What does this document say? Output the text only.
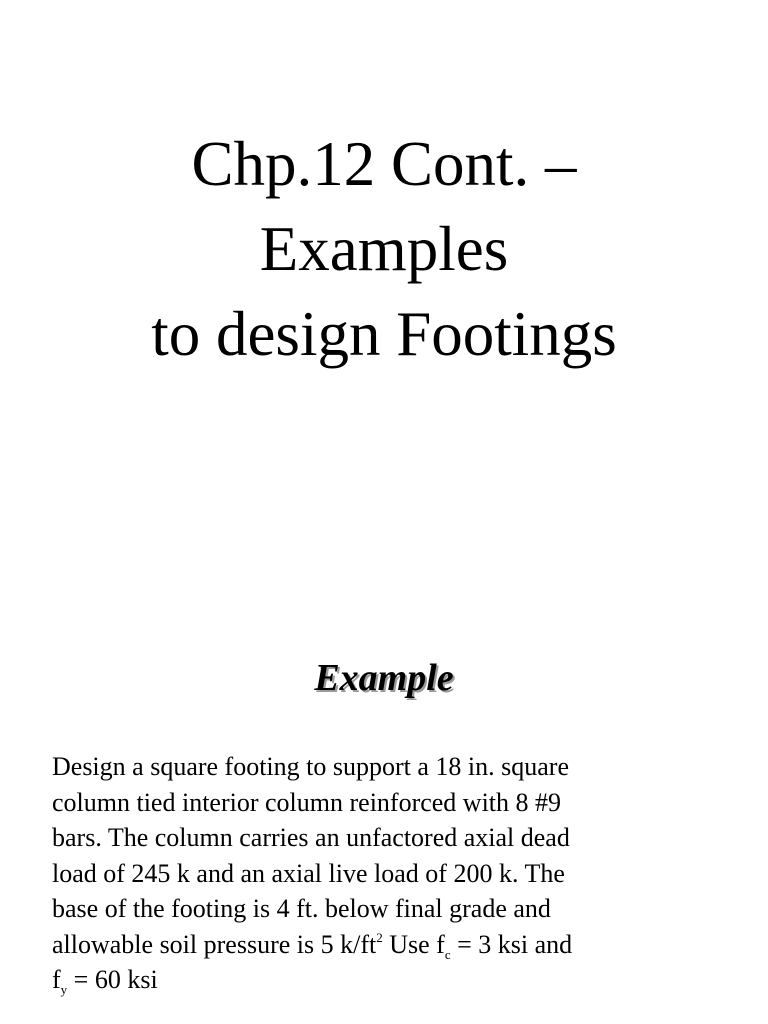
Chp.12 Cont. –
Examples
to design Footings
Example
Design a square footing to support a 18 in. square
column tied interior column reinforced with 8 #9
bars. The column carries an unfactored axial dead
load of 245 k and an axial live load of 200 k. The
base of the footing is 4 ft. below final grade and
allowable soil pressure is 5 $k/ft^2$ Use $f_c = 3$ ksi and
$f_y = 60$ ksi
